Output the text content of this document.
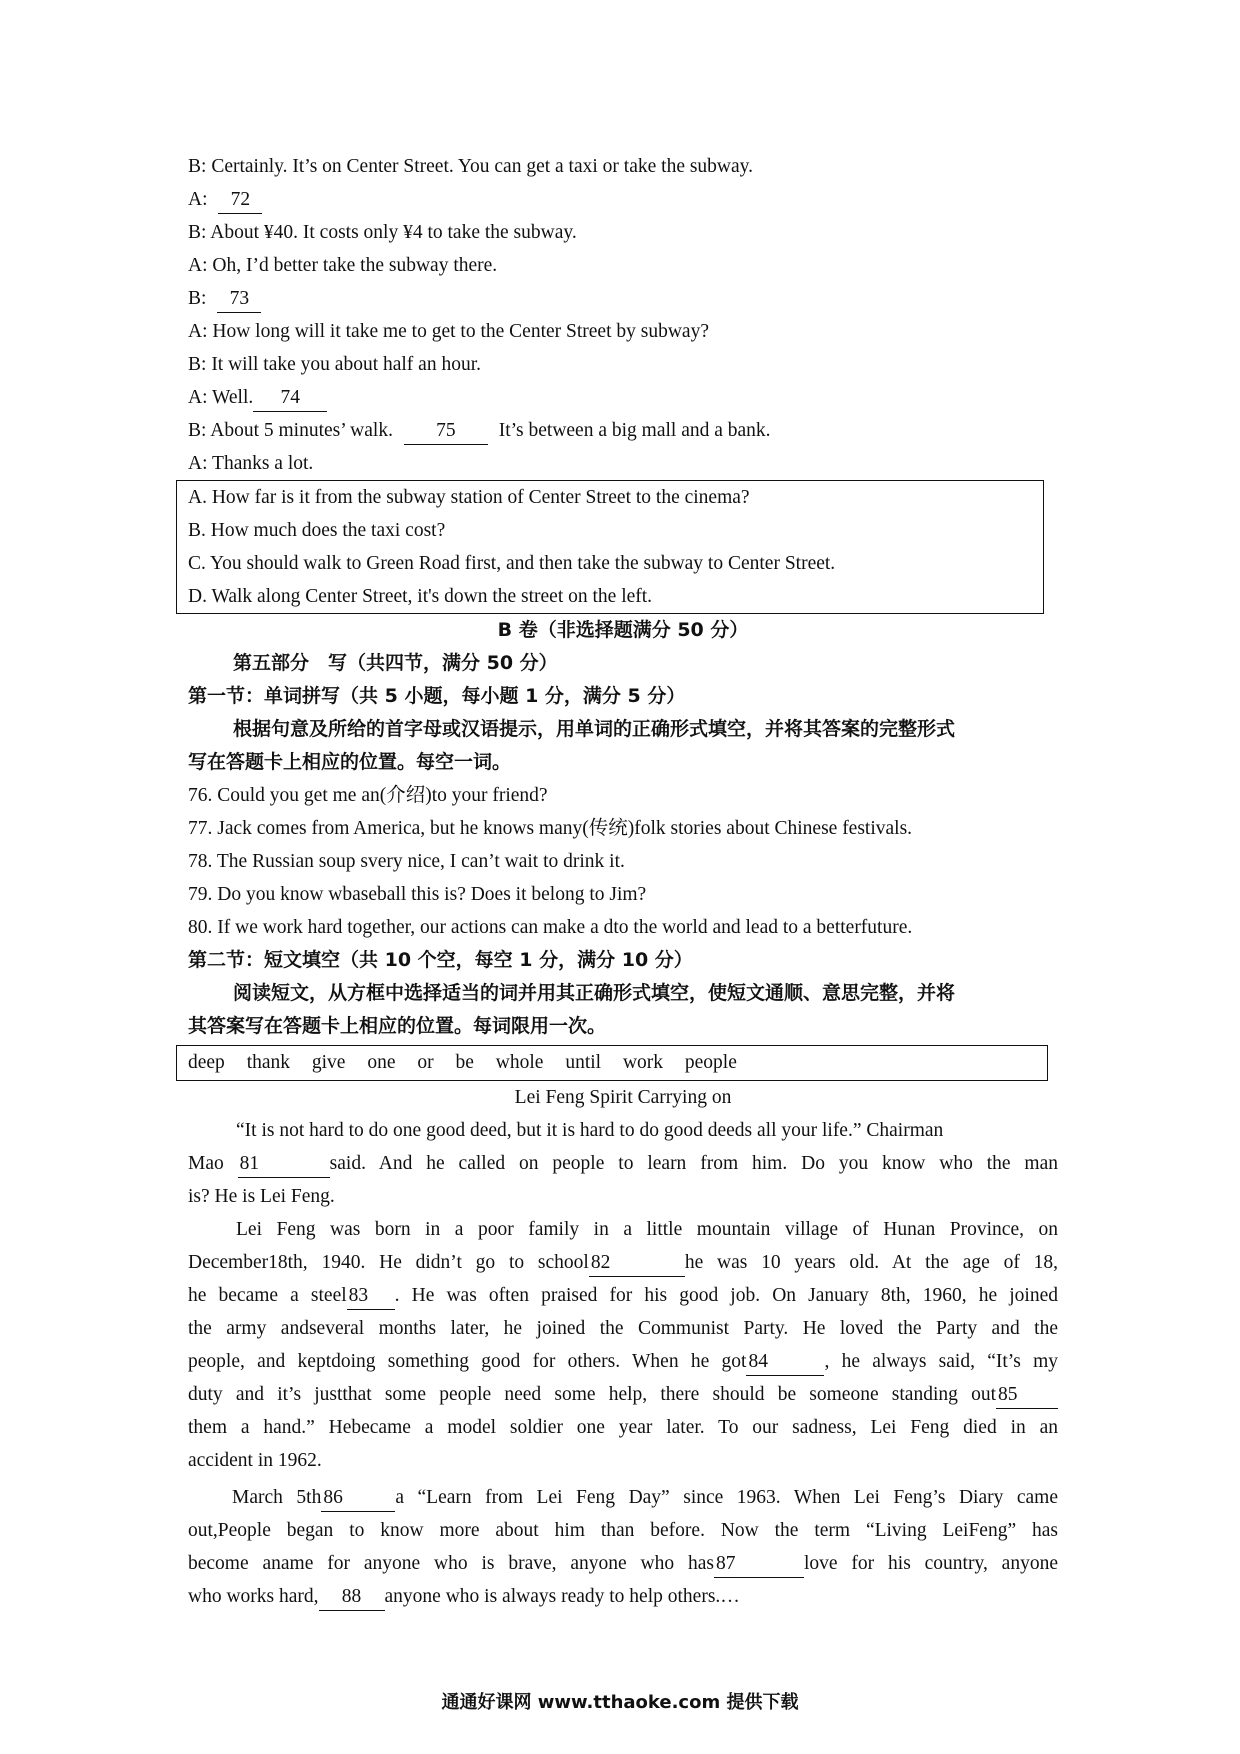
B: Certainly. It’s on Center Street. You can get a taxi or take the subway.
A: 72
B: About ¥40. It costs only ¥4 to take the subway.
A: Oh, I’d better take the subway there.
B: 73
A: How long will it take me to get to the Center Street by subway?
B: It will take you about half an hour.
A: Well. 74
B: About 5 minutes’ walk. 75 It’s between a big mall and a bank.
A: Thanks a lot.
A. How far is it from the subway station of Center Street to the cinema?
B. How much does the taxi cost?
C. You should walk to Green Road first, and then take the subway to Center Street.
D. Walk along Center Street, it's down the street on the left.
B 卷（非选择题满分 50 分）
第五部分　写（共四节，满分 50 分）
第一节：单词拼写（共 5 小题，每小题 1 分，满分 5 分）
根据句意及所给的首字母或汉语提示，用单词的正确形式填空，并将其答案的完整形式
写在答题卡上相应的位置。每空一词。
76. Could you get me an(介绍)to your friend?
77. Jack comes from America, but he knows many(传统)folk stories about Chinese festivals.
78. The Russian soup svery nice, I can’t wait to drink it.
79. Do you know wbaseball this is? Does it belong to Jim?
80. If we work hard together, our actions can make a dto the world and lead to a betterfuture.
第二节：短文填空（共 10 个空，每空 1 分，满分 10 分）
阅读短文，从方框中选择适当的词并用其正确形式填空，使短文通顺、意思完整，并将
其答案写在答题卡上相应的位置。每词限用一次。
deep thank give one or be whole until work people
Lei Feng Spirit Carrying on
“It is not hard to do one good deed, but it is hard to do good deeds all your life.” Chairman
Mao 81	said. And he called on people to learn from him. Do you know who the man
is? He is Lei Feng.
Lei Feng was born in a poor family in a little mountain village of Hunan Province, on
December18th, 1940. He didn’t go to school 82	he was 10 years old. At the age of 18,
he became a steel 83 . He was often praised for his good job. On January 8th, 1960, he joined
the army andseveral months later, he joined the Communist Party. He loved the Party and the
people, and keptdoing something good for others. When he got 84	, he always said, “It’s my
duty and it’s justthat some people need some help, there should be someone standing out 85
them a hand.” Hebecame a model soldier one year later. To our sadness, Lei Feng died in an
accident in 1962.
March 5th 86	a “Learn from Lei Feng Day” since 1963. When Lei Feng’s Diary came
out,People began to know more about him than before. Now the term “Living LeiFeng” has
become aname for anyone who is brave, anyone who has 87	love for his country, anyone
who works hard, 88 anyone who is always ready to help others.…
通通好课网 www.tthaoke.com 提供下载
